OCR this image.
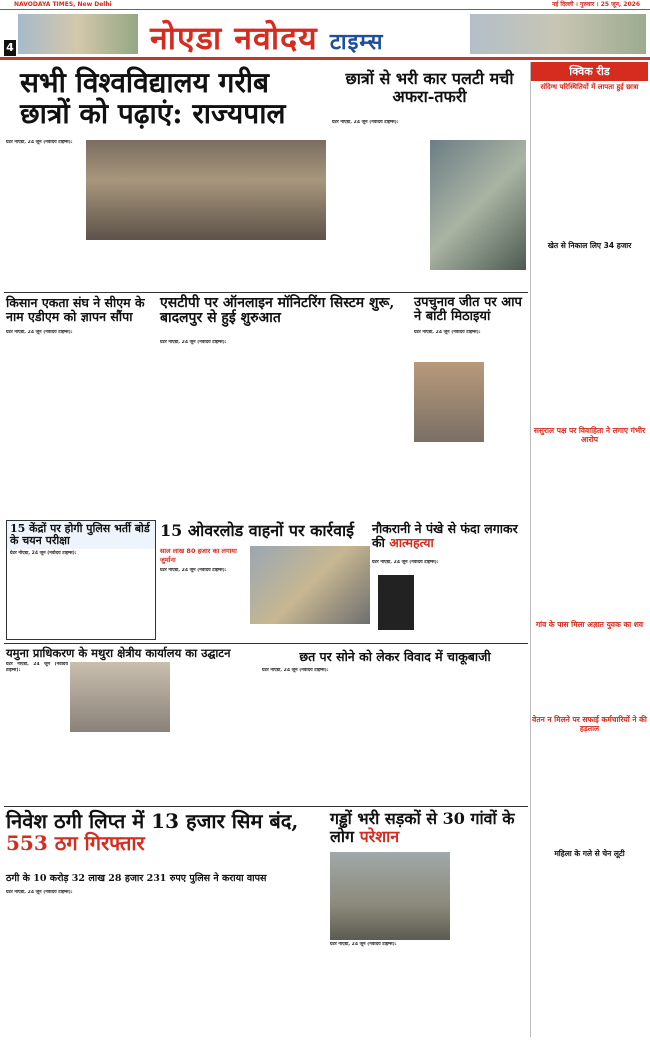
NAVODAYA TIMES, New Delhi	नई दिल्ली । गुरुवार । 25 जून, 2026
नोएडा नवोदय टाइम्स
4
क्विक रीड
संदिग्ध परिस्थितियों में लापता हुई छात्रा
खेत से निकाल लिए 34 हजार
ससुराल पक्ष पर विवाहिता ने लगाए गंभीर आरोप
गांव के पास मिला अज्ञात युवक का शव
वेतन न मिलने पर सफाई कर्मचारियों ने की हड़ताल
महिला के गले से चेन लूटी
सभी विश्वविद्यालय गरीब छात्रों को पढ़ाएं: राज्यपाल
ग्रेटर नोएडा, 24 जून (नवोदय टाइम्स):
छात्रों से भरी कार पलटी मची अफरा-तफरी
ग्रेटर नोएडा, 24 जून (नवोदय टाइम्स):
किसान एकता संघ ने सीएम के नाम एडीएम को ज्ञापन सौंपा
ग्रेटर नोएडा, 24 जून (नवोदय टाइम्स):
एसटीपी पर ऑनलाइन मॉनिटरिंग सिस्टम शुरू, बादलपुर से हुई शुरुआत
ग्रेटर नोएडा, 24 जून (नवोदय टाइम्स):
उपचुनाव जीत पर आप ने बांटी मिठाइयां
ग्रेटर नोएडा, 24 जून (नवोदय टाइम्स):
15 केंद्रों पर होगी पुलिस भर्ती बोर्ड के चयन परीक्षा
ग्रेटर नोएडा, 24 जून (नवोदय टाइम्स):
15 ओवरलोड वाहनों पर कार्रवाई
साल लाख 80 हजार का लगाया जुर्माना
ग्रेटर नोएडा, 24 जून (नवोदय टाइम्स):
नौकरानी ने पंखे से फंदा लगाकर की आत्महत्या
ग्रेटर नोएडा, 24 जून (नवोदय टाइम्स):
यमुना प्राधिकरण के मथुरा क्षेत्रीय कार्यालय का उद्घाटन
ग्रेटर नोएडा, 24 जून (नवोदय टाइम्स):
छत पर सोने को लेकर विवाद में चाकूबाजी
ग्रेटर नोएडा, 24 जून (नवोदय टाइम्स):
निवेश ठगी लिप्त में 13 हजार सिम बंद, 553 ठग गिरफ्तार
ठगी के 10 करोड़ 32 लाख 28 हजार 231 रुपए पुलिस ने कराया वापस
ग्रेटर नोएडा, 24 जून (नवोदय टाइम्स):
गड्ढों भरी सड़कों से 30 गांवों के लोग परेशान
ग्रेटर नोएडा, 24 जून (नवोदय टाइम्स):
